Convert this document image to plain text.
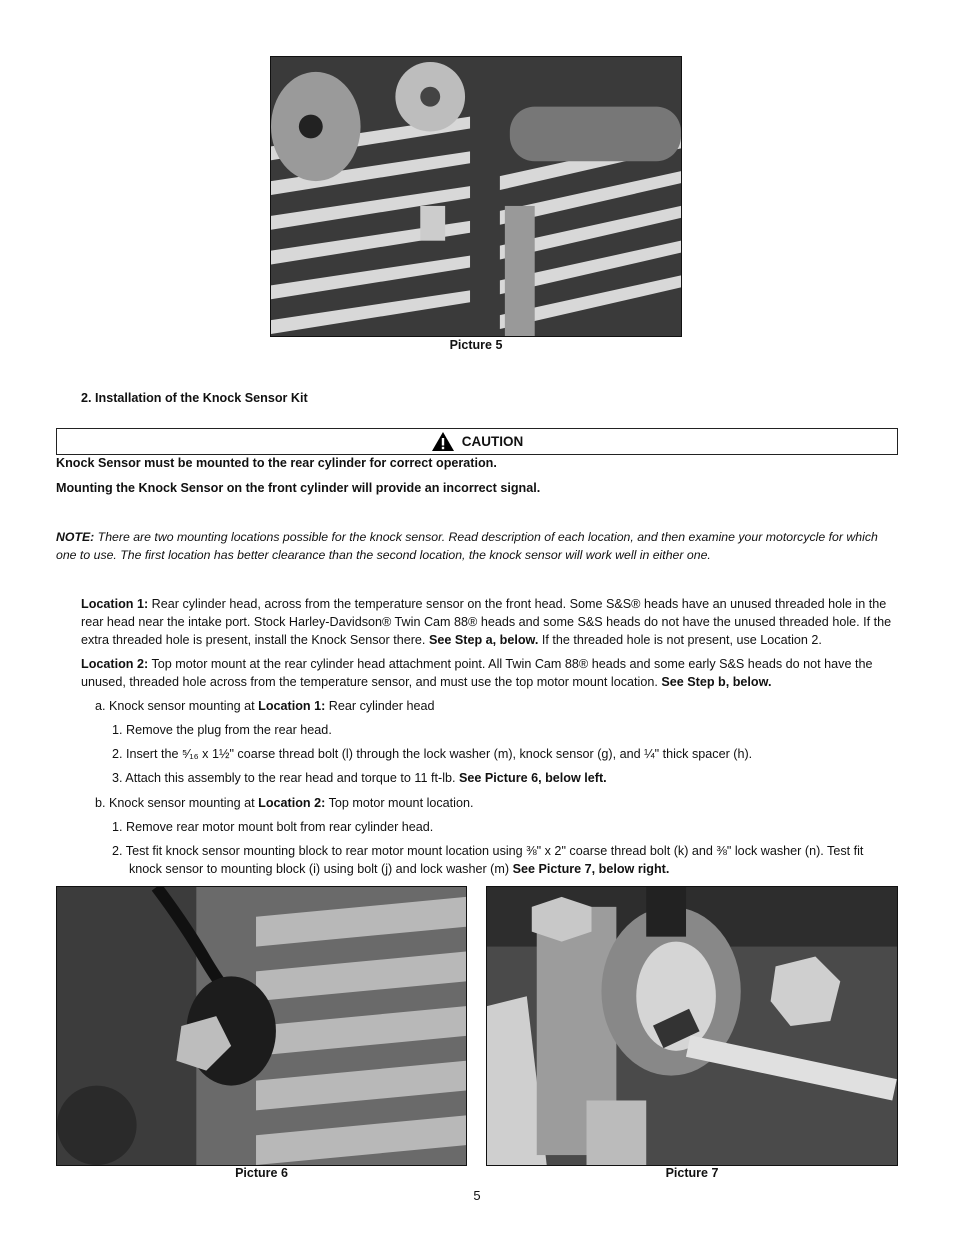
Picture 5
2. Installation of the Knock Sensor Kit
CAUTION
Knock Sensor must be mounted to the rear cylinder for correct operation.
Mounting the Knock Sensor on the front cylinder will provide an incorrect signal.
NOTE: There are two mounting locations possible for the knock sensor. Read description of each location, and then examine your motorcycle for which one to use. The first location has better clearance than the second location, the knock sensor will work well in either one.
Location 1: Rear cylinder head, across from the temperature sensor on the front head. Some S&S® heads have an unused threaded hole in the rear head near the intake port. Stock Harley-Davidson® Twin Cam 88® heads and some S&S heads do not have the unused threaded hole. If the extra threaded hole is present, install the Knock Sensor there. See Step a, below. If the threaded hole is not present, use Location 2.
Location 2: Top motor mount at the rear cylinder head attachment point. All Twin Cam 88® heads and some early S&S heads do not have the unused, threaded hole across from the temperature sensor, and must use the top motor mount location. See Step b, below.
a. Knock sensor mounting at Location 1: Rear cylinder head
1. Remove the plug from the rear head.
2. Insert the ⁵⁄₁₆ x 1½" coarse thread bolt (l) through the lock washer (m), knock sensor (g), and ¼" thick spacer (h).
3. Attach this assembly to the rear head and torque to 11 ft-lb. See Picture 6, below left.
b. Knock sensor mounting at Location 2: Top motor mount location.
1. Remove rear motor mount bolt from rear cylinder head.
2. Test fit knock sensor mounting block to rear motor mount location using ⅜" x 2" coarse thread bolt (k) and ⅜" lock washer (n). Test fit knock sensor to mounting block (i) using bolt (j) and lock washer (m) See Picture 7, below right.
Picture 6	Picture 7
5
